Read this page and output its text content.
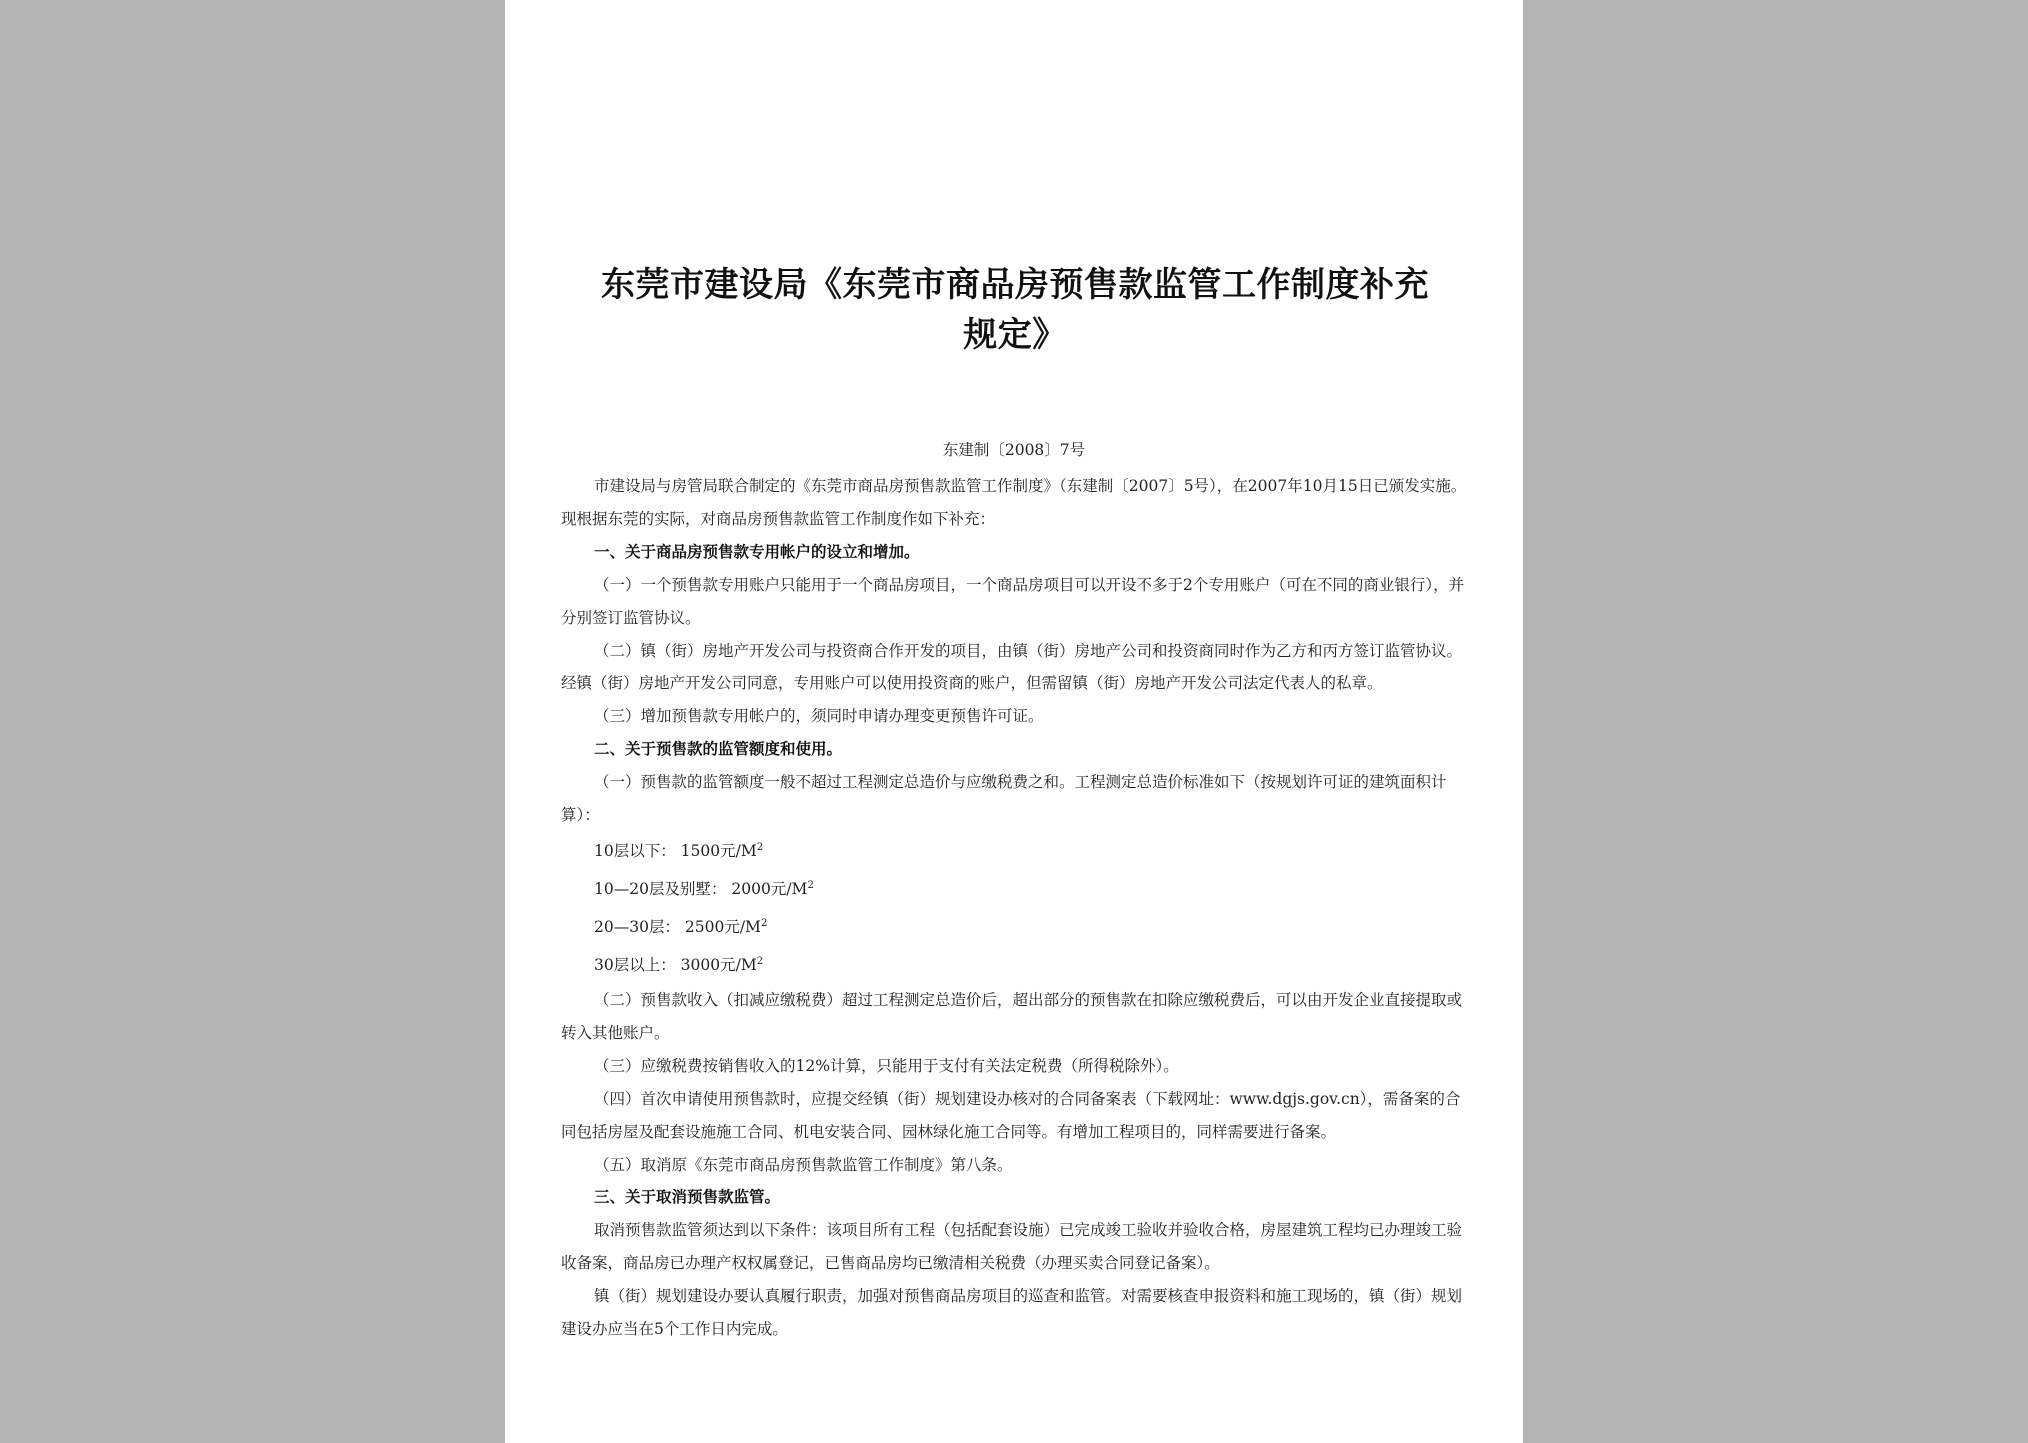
东莞市建设局《东莞市商品房预售款监管工作制度补充
规定》
东建制〔2008〕7号

市建设局与房管局联合制定的《东莞市商品房预售款监管工作制度》（东建制〔2007〕5号），在2007年10月15日已颁发实施。现根据东莞的实际，对商品房预售款监管工作制度作如下补充：

一、关于商品房预售款专用帐户的设立和增加。

（一）一个预售款专用账户只能用于一个商品房项目，一个商品房项目可以开设不多于2个专用账户（可在不同的商业银行），并分别签订监管协议。

（二）镇（街）房地产开发公司与投资商合作开发的项目，由镇（街）房地产公司和投资商同时作为乙方和丙方签订监管协议。经镇（街）房地产开发公司同意，专用账户可以使用投资商的账户，但需留镇（街）房地产开发公司法定代表人的私章。

（三）增加预售款专用帐户的，须同时申请办理变更预售许可证。

二、关于预售款的监管额度和使用。

（一）预售款的监管额度一般不超过工程测定总造价与应缴税费之和。工程测定总造价标准如下（按规划许可证的建筑面积计算）：

10层以下： 1500元$/M^2$

10—20层及别墅： 2000元$/M^2$

20—30层： 2500元$/M^2$

30层以上： 3000元$/M^2$

（二）预售款收入（扣减应缴税费）超过工程测定总造价后，超出部分的预售款在扣除应缴税费后，可以由开发企业直接提取或转入其他账户。

（三）应缴税费按销售收入的12%计算，只能用于支付有关法定税费（所得税除外）。

（四）首次申请使用预售款时，应提交经镇（街）规划建设办核对的合同备案表（下载网址：www.dgjs.gov.cn），需备案的合同包括房屋及配套设施施工合同、机电安装合同、园林绿化施工合同等。有增加工程项目的，同样需要进行备案。

（五）取消原《东莞市商品房预售款监管工作制度》第八条。

三、关于取消预售款监管。

取消预售款监管须达到以下条件：该项目所有工程（包括配套设施）已完成竣工验收并验收合格，房屋建筑工程均已办理竣工验收备案，商品房已办理产权权属登记，已售商品房均已缴清相关税费（办理买卖合同登记备案）。

镇（街）规划建设办要认真履行职责，加强对预售商品房项目的巡查和监管。对需要核查申报资料和施工现场的，镇（街）规划建设办应当在5个工作日内完成。
